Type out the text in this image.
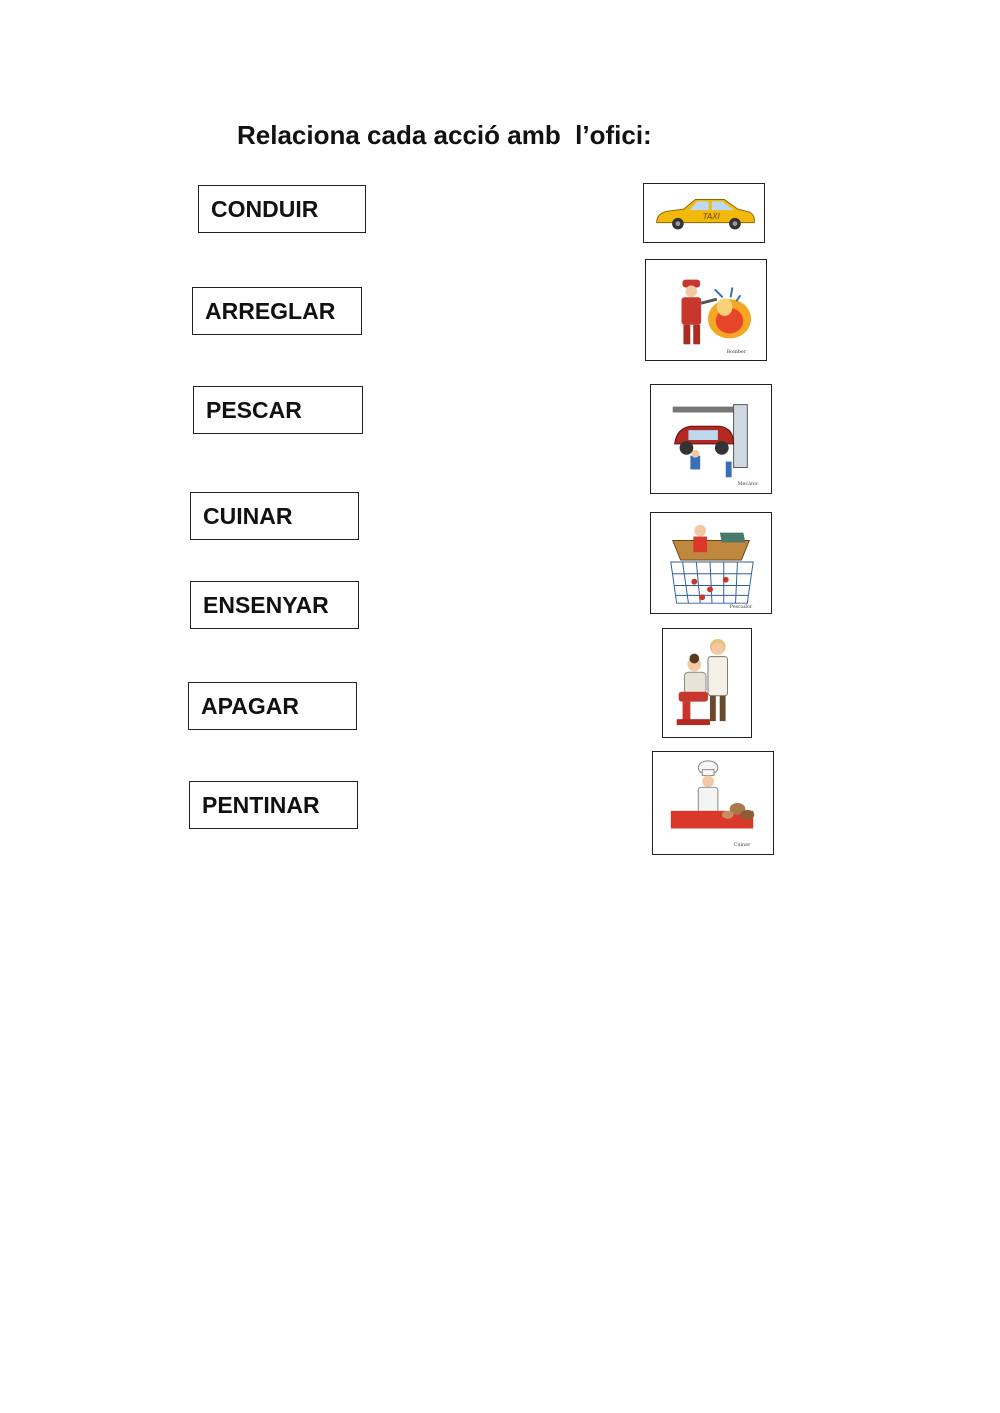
Relaciona cada acció amb  l’ofici:
CONDUIR
ARREGLAR
PESCAR
CUINAR
ENSENYAR
APAGAR
PENTINAR
TAXI
Bomber
Mecànic
Pescador
Cuiner
